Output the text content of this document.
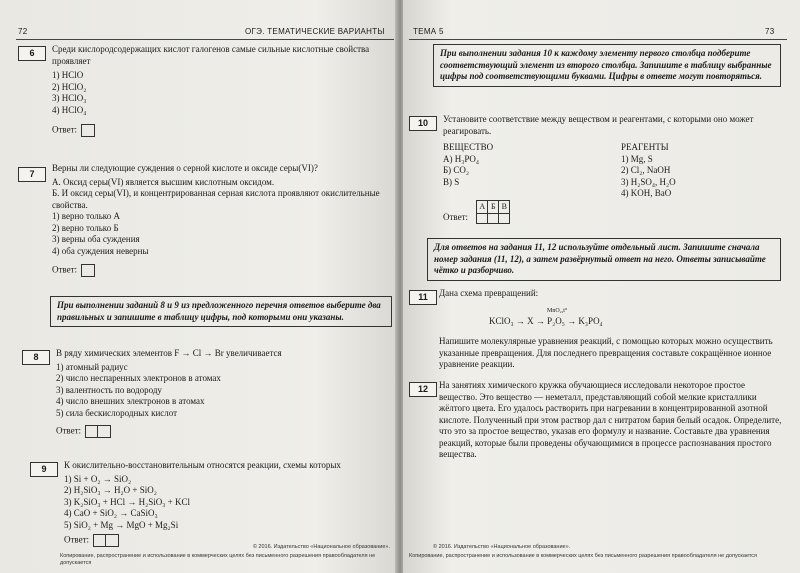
72	ОГЭ. ТЕМАТИЧЕСКИЕ ВАРИАНТЫ
6	Среди кислородсодержащих кислот галогенов самые сильные кислотные свойства проявляет
1) HClO
2) HClO₂
3) HClO₃
4) HClO₄
Ответ:
7
Верны ли следующие суждения о серной кислоте и оксиде серы(VI)?
А. Оксид серы(VI) является высшим кислотным оксидом.
Б. И оксид серы(VI), и концентрированная серная кислота проявляют окислительные свойства.
1) верно только А
2) верно только Б
3) верны оба суждения
4) оба суждения неверны
Ответ:
При выполнении заданий 8 и 9 из предложенного перечня ответов выберите два правильных и запишите в таблицу цифры, под которыми они указаны.
8	В ряду химических элементов F → Cl → Br увеличивается
1) атомный радиус
2) число неспаренных электронов в атомах
3) валентность по водороду
4) число внешних электронов в атомах
5) сила бескислородных кислот
Ответ:
9	К окислительно-восстановительным относятся реакции, схемы которых
1) Si + O₂ → SiO₂
2) H₂SiO₃ → H₂O + SiO₂
3) K₂SiO₃ + HCl → H₂SiO₃ + KCl
4) CaO + SiO₂ → CaSiO₃
5) SiO₂ + Mg → MgO + Mg₂Si
Ответ:
© 2016. Издательство «Национальное образование».
Копирование, распространение и использование в коммерческих целях без письменного разрешения правообладателя не допускается
ТЕМА 5	73
При выполнении задания 10 к каждому элементу первого столбца подберите соответствующий элемент из второго столбца. Запишите в таблицу выбранные цифры под соответствующими буквами. Цифры в ответе могут повторяться.
10	Установите соответствие между веществом и реагентами, с которыми оно может реагировать.
ВЕЩЕСТВО
А) H₃PO₄
Б) CO₂
В) S
РЕАГЕНТЫ
1) Mg, S
2) Cl₂, NaOH
3) H₂SO₄, H₂O
4) KOH, BaO
Ответ: А	Б	В

Для ответов на задания 11, 12 используйте отдельный лист. Запишите сначала номер задания (11, 12), а затем развёрнутый ответ на него. Ответы записывайте чётко и разборчиво.
11	Дана схема превращений:
MnO₂,t°
KClO₃ → X → P₂O₅ → K₃PO₄
Напишите молекулярные уравнения реакций, с помощью которых можно осуществить указанные превращения. Для последнего превращения составьте сокращённое ионное уравнение реакции.
12	На занятиях химического кружка обучающиеся исследовали некоторое простое вещество. Это вещество — неметалл, представляющий собой мелкие кристаллики жёлтого цвета. Его удалось растворить при нагревании в концентрированной азотной кислоте. Полученный при этом раствор дал с нитратом бария белый осадок. Определите, что это за простое вещество, указав его формулу и название. Составьте два уравнения реакций, которые были проведены обучающимися в процессе распознавания простого вещества.
© 2016. Издательство «Национальное образование».
Копирование, распространение и использование в коммерческих целях без письменного разрешения правообладателя не допускается
